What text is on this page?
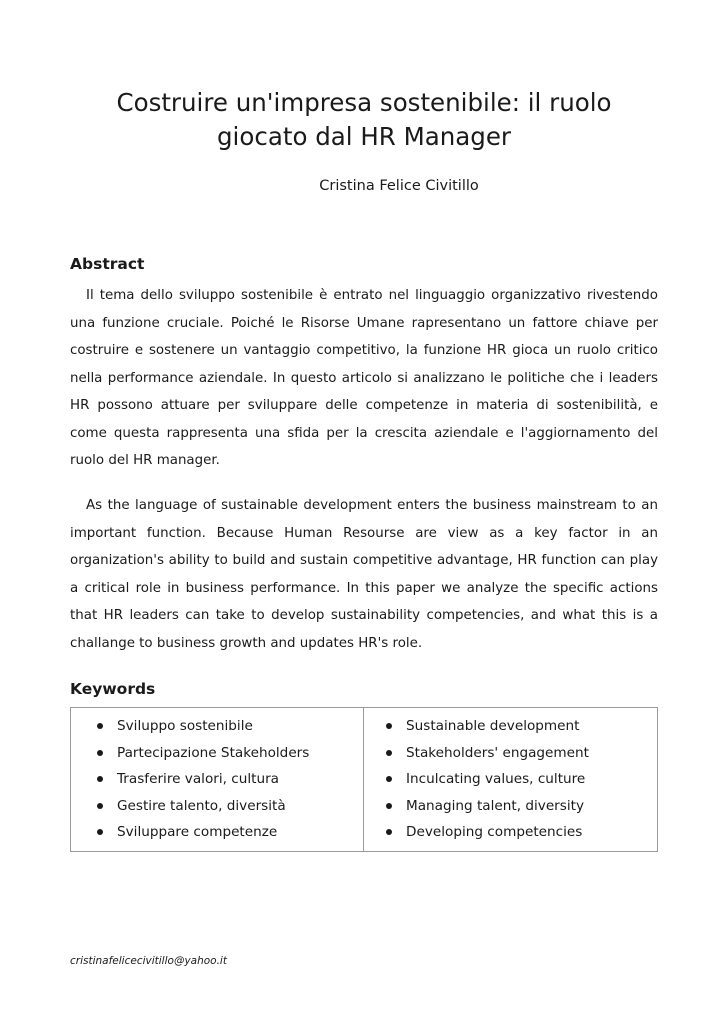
Costruire un'impresa sostenibile: il ruolo giocato dal HR Manager
Cristina Felice Civitillo
Abstract

Il tema dello sviluppo sostenibile è entrato nel linguaggio organizzativo rivestendo una funzione cruciale. Poiché le Risorse Umane rapresentano un fattore chiave per costruire e sostenere un vantaggio competitivo, la funzione HR gioca un ruolo critico nella performance aziendale. In questo articolo si analizzano le politiche che i leaders HR possono attuare per sviluppare delle competenze in materia di sostenibilità, e come questa rappresenta una sfida per la crescita aziendale e l'aggiornamento del ruolo del HR manager.

As the language of sustainable development enters the business mainstream to an important function. Because Human Resourse are view as a key factor in an organization's ability to build and sustain competitive advantage, HR function can play a critical role in business performance. In this paper we analyze the specific actions that HR leaders can take to develop sustainability competencies, and what this is a challange to business growth and updates HR's role.

Keywords
Sviluppo sostenibile
Partecipazione Stakeholders
Trasferire valori, cultura
Gestire talento, diversità
Sviluppare competenze
Sustainable development
Stakeholders' engagement
Inculcating values, culture
Managing talent, diversity
Developing competencies
cristinafelicecivitillo@yahoo.it
